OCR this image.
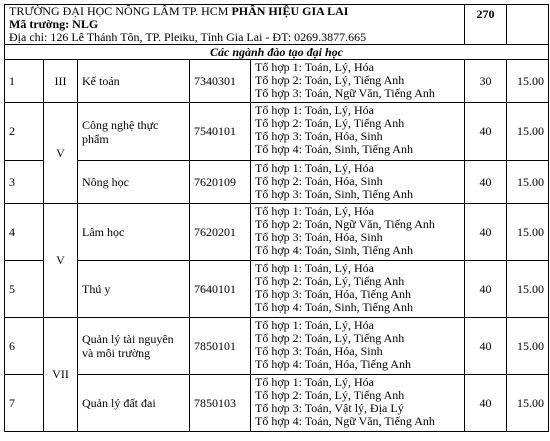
TRƯỜNG ĐẠI HỌC NÔNG LÂM TP. HCM PHÂN HIỆU GIA LAI
Mã trường: NLG
Địa chỉ: 126 Lê Thánh Tôn, TP. Pleiku, Tỉnh Gia Lai - ĐT: 0269.3877.665					270	
Các ngành đào tạo đại học						
1	III	Kế toán	7340301	Tổ hợp 1: Toán, Lý, Hóa
Tổ hợp 2: Toán, Lý, Tiếng Anh
Tổ hợp 3: Toán, Ngữ Văn, Tiếng Anh	30	15.00
2	V	Công nghệ thực phẩm	7540101	Tổ hợp 1: Toán, Lý, Hóa
Tổ hợp 2: Toán, Lý, Tiếng Anh
Tổ hợp 3: Toán, Hóa, Sinh
Tổ hợp 4: Toán, Sinh, Tiếng Anh	40	15.00
3		Nông học	7620109	Tổ hợp 1: Toán, Lý, Hóa
Tổ hợp 2: Toán, Hóa, Sinh
Tổ hợp 3: Toán, Sinh, Tiếng Anh	40	15.00
4	V	Lâm học	7620201	Tổ hợp 1: Toán, Lý, Hóa
Tổ hợp 2: Toán, Ngữ Văn, Tiếng Anh
Tổ hợp 3: Toán, Hóa, Sinh
Tổ hợp 4: Toán, Sinh, Tiếng Anh	40	15.00
5		Thú y	7640101	Tổ hợp 1: Toán, Lý, Hóa
Tổ hợp 2: Toán, Lý, Tiếng Anh
Tổ hợp 3: Toán, Hóa, Tiếng Anh
Tổ hợp 4: Toán, Sinh, Tiếng Anh	40	15.00
6	VII	Quản lý tài nguyên và môi trường	7850101	Tổ hợp 1: Toán, Lý, Hóa
Tổ hợp 2: Toán, Lý, Tiếng Anh
Tổ hợp 3: Toán, Hóa, Sinh
Tổ hợp 4: Toán, Hóa, Tiếng Anh	40	15.00
7		Quản lý đất đai	7850103	Tổ hợp 1: Toán, Lý, Hóa
Tổ hợp 2: Toán, Lý, Tiếng Anh
Tổ hợp 3: Toán, Vật lý, Địa Lý
Tổ hợp 4: Toán, Ngữ Văn, Tiếng Anh	40	15.00
